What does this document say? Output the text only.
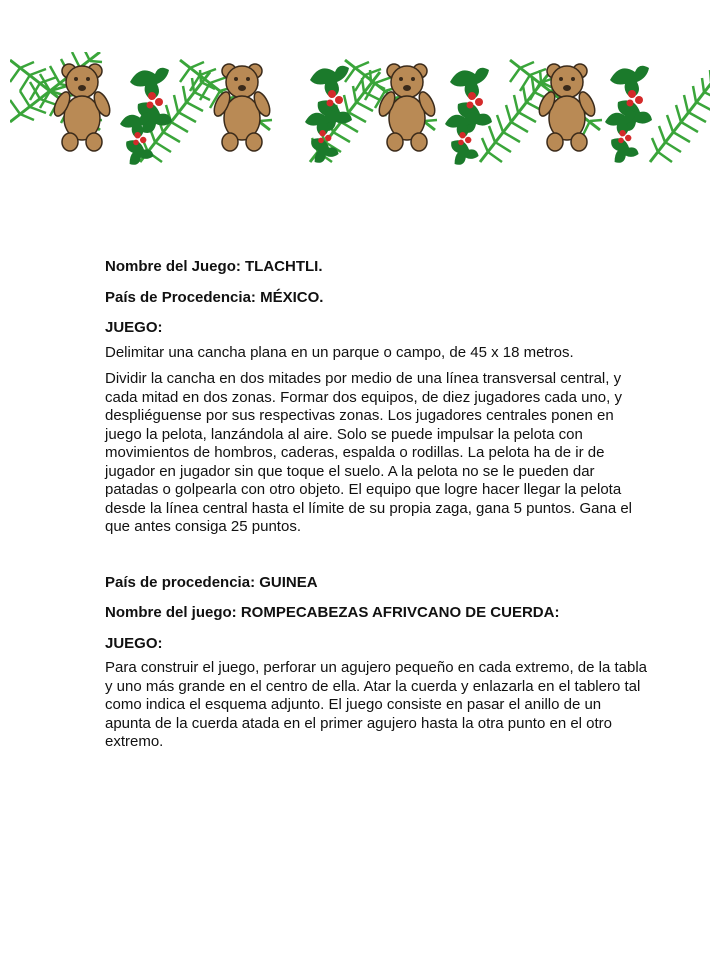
Nombre del Juego: TLACHTLI.
País de Procedencia: MÉXICO.
JUEGO:
Delimitar una cancha plana en un parque o campo, de 45 x 18 metros.
Dividir la cancha en dos mitades por medio de una línea transversal central, y cada mitad en dos zonas. Formar dos equipos, de diez jugadores cada uno, y despliéguense por sus respectivas zonas. Los jugadores centrales ponen en juego la pelota, lanzándola al aire. Solo se puede impulsar la pelota con movimientos de hombros, caderas, espalda o rodillas. La pelota ha de ir de jugador en jugador sin que toque el suelo. A la pelota no se le pueden dar patadas o golpearla con otro objeto. El equipo que logre hacer llegar la pelota desde la línea central hasta el límite de su propia zaga, gana 5 puntos. Gana el que antes consiga 25 puntos.
País de procedencia: GUINEA
Nombre del juego: ROMPECABEZAS AFRIVCANO DE CUERDA:
JUEGO:
Para construir el juego, perforar un agujero pequeño en cada extremo, de la tabla y uno más grande en el centro de ella. Atar la cuerda y enlazarla en el tablero tal como indica el esquema adjunto. El juego consiste en pasar el anillo de un apunta de la cuerda atada en el primer agujero hasta la otra punto en el otro extremo.
